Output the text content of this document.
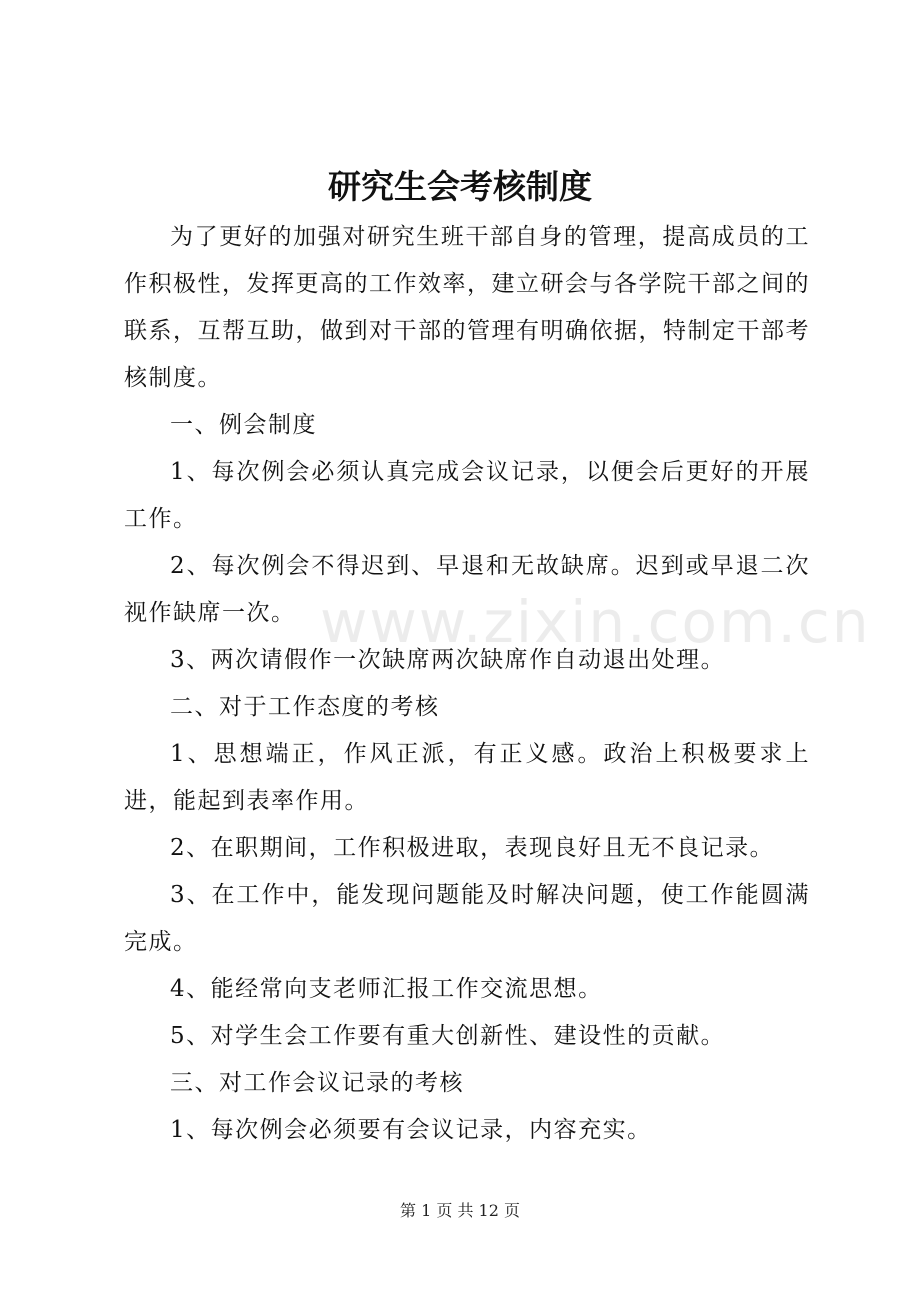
研究生会考核制度

为了更好的加强对研究生班干部自身的管理，提高成员的工作积极性，发挥更高的工作效率，建立研会与各学院干部之间的联系，互帮互助，做到对干部的管理有明确依据，特制定干部考核制度。

一、例会制度

1、每次例会必须认真完成会议记录，以便会后更好的开展工作。

2、每次例会不得迟到、早退和无故缺席。迟到或早退二次视作缺席一次。

3、两次请假作一次缺席两次缺席作自动退出处理。

二、对于工作态度的考核

1、思想端正，作风正派，有正义感。政治上积极要求上进，能起到表率作用。

2、在职期间，工作积极进取，表现良好且无不良记录。

3、在工作中，能发现问题能及时解决问题，使工作能圆满完成。

4、能经常向支老师汇报工作交流思想。

5、对学生会工作要有重大创新性、建设性的贡献。

三、对工作会议记录的考核

1、每次例会必须要有会议记录，内容充实。

www.zixin.com.cn
第 1 页 共 12 页
